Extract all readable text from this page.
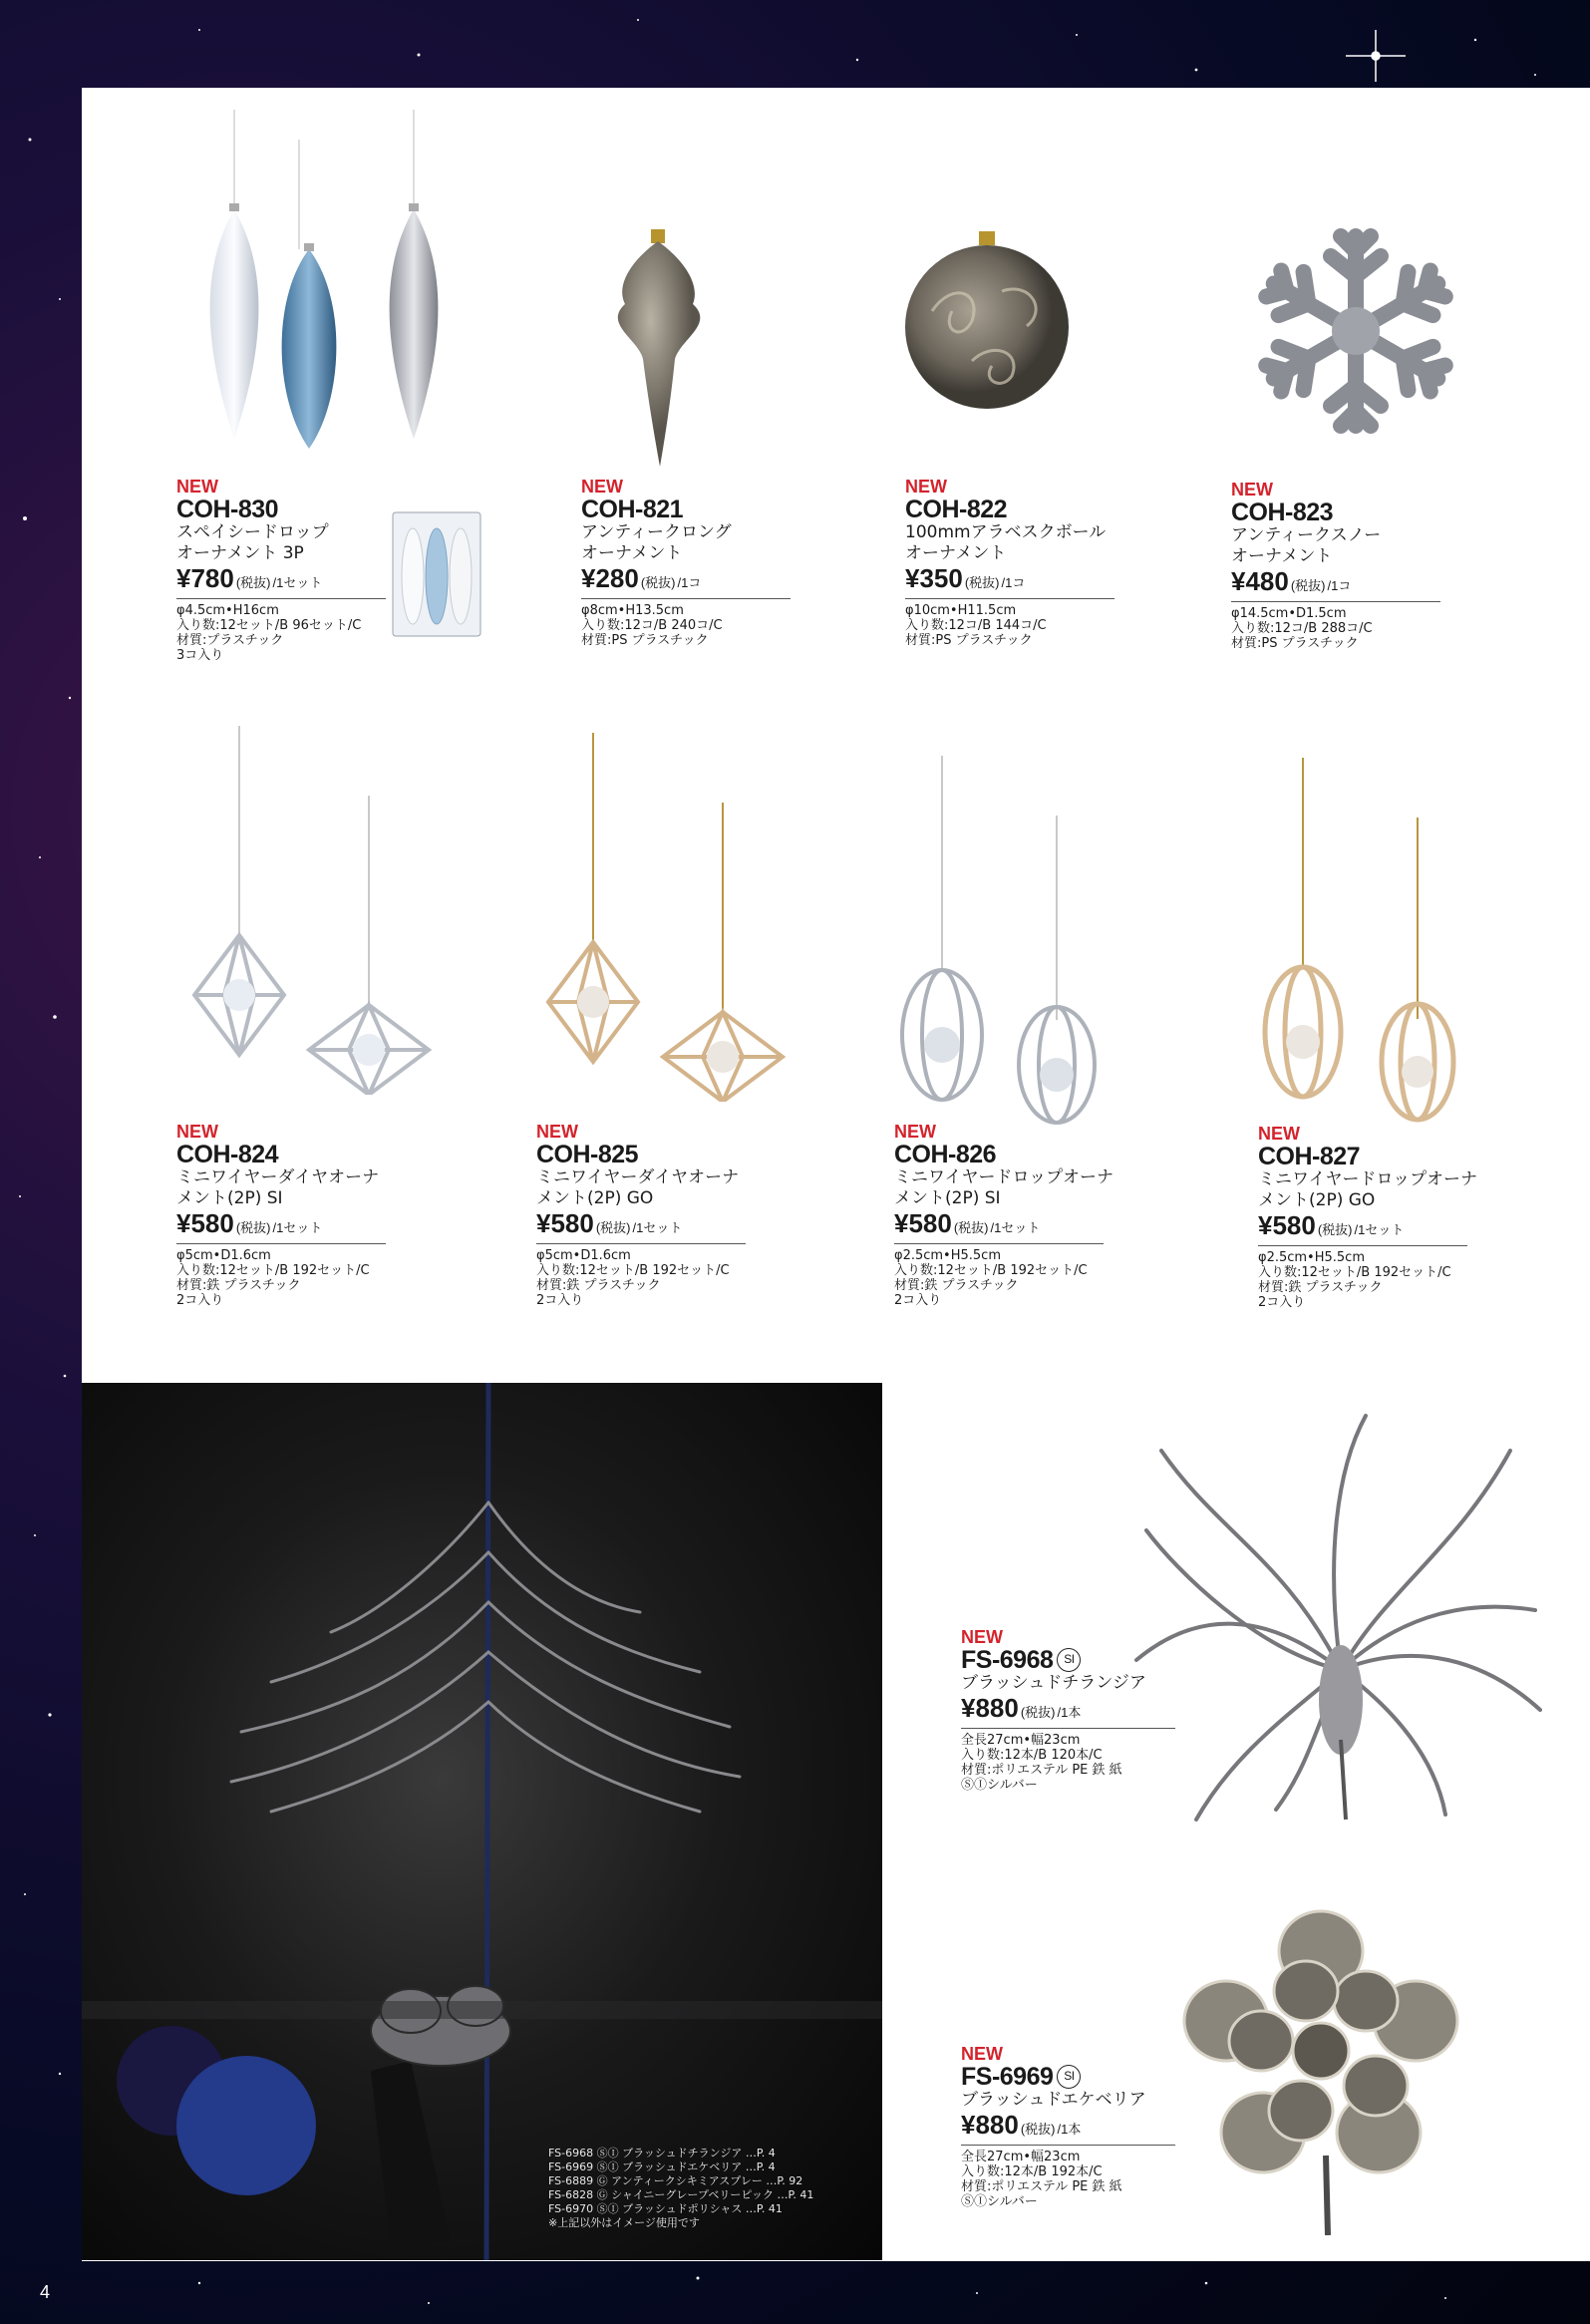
FS-6968 ⓈⒾ ブラッシュドチランジア …P. 4
FS-6969 ⓈⒾ ブラッシュドエケベリア …P. 4
FS-6889 Ⓖ アンティークシキミアスプレー …P. 92
FS-6828 Ⓖ シャイニーグレープベリーピック …P. 41
FS-6970 ⓈⒾ ブラッシュドポリシャス …P. 41
※上記以外はイメージ使用です
NEW
COH-830
スペイシードロップ
オーナメント 3P
¥780 (税抜) /1セット
φ4.5cm•H16cm
入り数:12セット/B 96セット/C
材質:プラスチック
3コ入り
NEW
COH-821
アンティークロング
オーナメント
¥280 (税抜) /1コ
φ8cm•H13.5cm
入り数:12コ/B 240コ/C
材質:PS プラスチック
NEW
COH-822
100mmアラベスクボール
オーナメント
¥350 (税抜) /1コ
φ10cm•H11.5cm
入り数:12コ/B 144コ/C
材質:PS プラスチック
NEW
COH-823
アンティークスノー
オーナメント
¥480 (税抜) /1コ
φ14.5cm•D1.5cm
入り数:12コ/B 288コ/C
材質:PS プラスチック
NEW
COH-824
ミニワイヤーダイヤオーナ
メント(2P) SI
¥580 (税抜) /1セット
φ5cm•D1.6cm
入り数:12セット/B 192セット/C
材質:鉄 プラスチック
2コ入り
NEW
COH-825
ミニワイヤーダイヤオーナ
メント(2P) GO
¥580 (税抜) /1セット
φ5cm•D1.6cm
入り数:12セット/B 192セット/C
材質:鉄 プラスチック
2コ入り
NEW
COH-826
ミニワイヤードロップオーナ
メント(2P) SI
¥580 (税抜) /1セット
φ2.5cm•H5.5cm
入り数:12セット/B 192セット/C
材質:鉄 プラスチック
2コ入り
NEW
COH-827
ミニワイヤードロップオーナ
メント(2P) GO
¥580 (税抜) /1セット
φ2.5cm•H5.5cm
入り数:12セット/B 192セット/C
材質:鉄 プラスチック
2コ入り
NEW
FS-6968 SI
ブラッシュドチランジア
¥880 (税抜) /1本
全長27cm•幅23cm
入り数:12本/B 120本/C
材質:ポリエステル PE 鉄 紙
ⓈⒾシルバー
NEW
FS-6969 SI
ブラッシュドエケベリア
¥880 (税抜) /1本
全長27cm•幅23cm
入り数:12本/B 192本/C
材質:ポリエステル PE 鉄 紙
ⓈⒾシルバー
4
